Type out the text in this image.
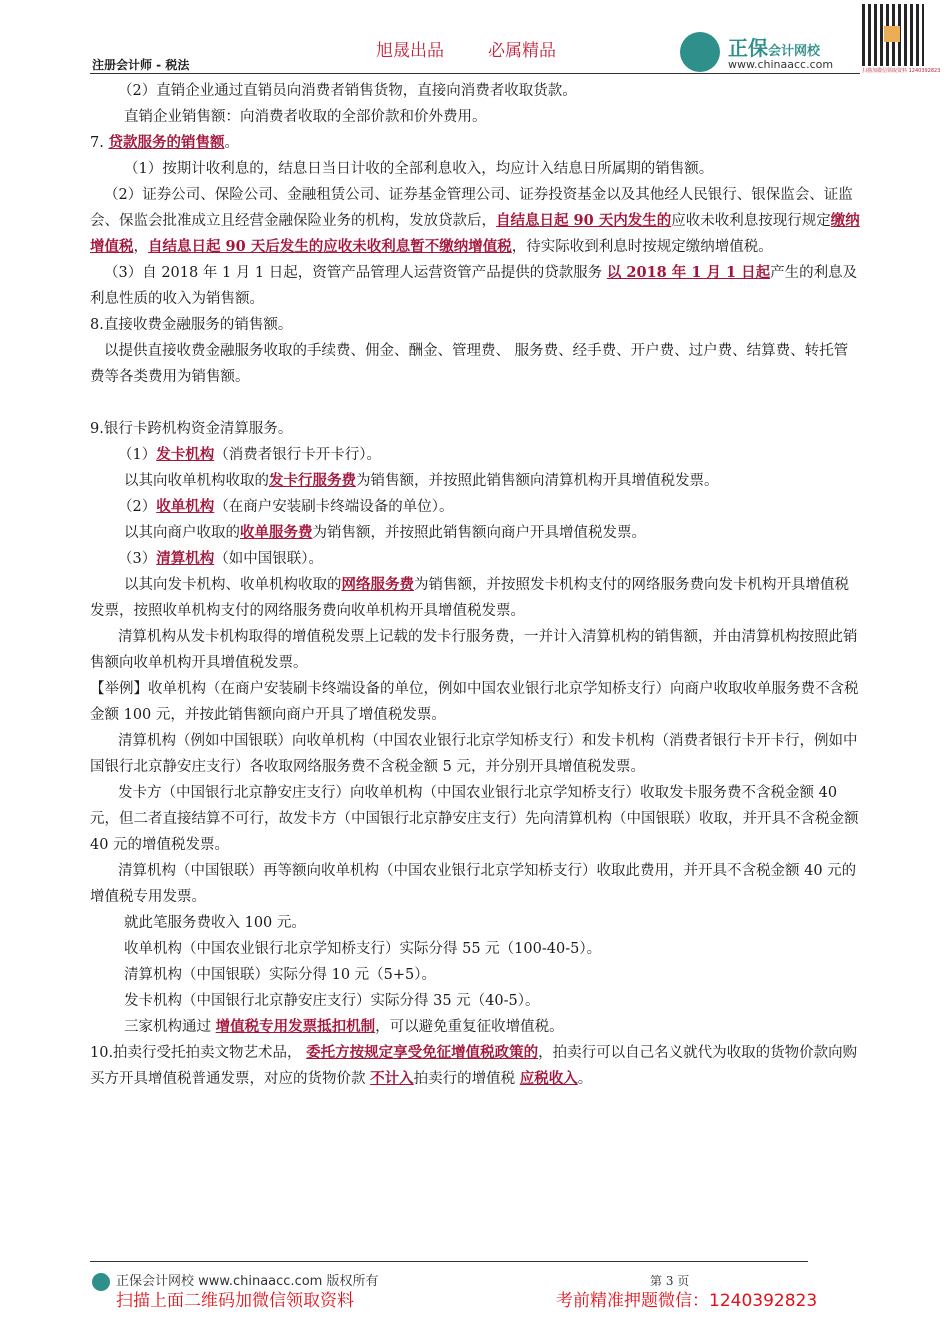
旭晟出品	必属精品
注册会计师 - 税法
正保会计网校
www.chinaacc.com	扫描加微信领取资料 1240392823

（2）直销企业通过直销员向消费者销售货物，直接向消费者收取货款。

直销企业销售额：向消费者收取的全部价款和价外费用。

7. 贷款服务的销售额。

（1）按期计收利息的，结息日当日计收的全部利息收入，均应计入结息日所属期的销售额。

（2）证券公司、保险公司、金融租赁公司、证券基金管理公司、证券投资基金以及其他经人民银行、银保监会、证监会、保监会批准成立且经营金融保险业务的机构，发放贷款后，自结息日起 90 天内发生的应收未收利息按现行规定缴纳增值税，自结息日起 90 天后发生的应收未收利息暂不缴纳增值税，待实际收到利息时按规定缴纳增值税。

（3）自 2018 年 1 月 1 日起，资管产品管理人运营资管产品提供的贷款服务 以 2018 年 1 月 1 日起产生的利息及利息性质的收入为销售额。

8.直接收费金融服务的销售额。

以提供直接收费金融服务收取的手续费、佣金、酬金、管理费、 服务费、经手费、开户费、过户费、结算费、转托管费等各类费用为销售额。

9.银行卡跨机构资金清算服务。

（1）发卡机构（消费者银行卡开卡行）。

以其向收单机构收取的发卡行服务费为销售额，并按照此销售额向清算机构开具增值税发票。

（2）收单机构（在商户安装刷卡终端设备的单位）。

以其向商户收取的收单服务费为销售额，并按照此销售额向商户开具增值税发票。

（3）清算机构（如中国银联）。

以其向发卡机构、收单机构收取的网络服务费为销售额，并按照发卡机构支付的网络服务费向发卡机构开具增值税发票，按照收单机构支付的网络服务费向收单机构开具增值税发票。

清算机构从发卡机构取得的增值税发票上记载的发卡行服务费，一并计入清算机构的销售额，并由清算机构按照此销售额向收单机构开具增值税发票。

【举例】收单机构（在商户安装刷卡终端设备的单位，例如中国农业银行北京学知桥支行）向商户收取收单服务费不含税金额 100 元，并按此销售额向商户开具了增值税发票。

清算机构（例如中国银联）向收单机构（中国农业银行北京学知桥支行）和发卡机构（消费者银行卡开卡行，例如中国银行北京静安庄支行）各收取网络服务费不含税金额 5 元，并分别开具增值税发票。

发卡方（中国银行北京静安庄支行）向收单机构（中国农业银行北京学知桥支行）收取发卡服务费不含税金额 40 元，但二者直接结算不可行，故发卡方（中国银行北京静安庄支行）先向清算机构（中国银联）收取，并开具不含税金额 40 元的增值税发票。

清算机构（中国银联）再等额向收单机构（中国农业银行北京学知桥支行）收取此费用，并开具不含税金额 40 元的增值税专用发票。

就此笔服务费收入 100 元。

收单机构（中国农业银行北京学知桥支行）实际分得 55 元（100-40-5）。

清算机构（中国银联）实际分得 10 元（5+5）。

发卡机构（中国银行北京静安庄支行）实际分得 35 元（40-5）。

三家机构通过 增值税专用发票抵扣机制，可以避免重复征收增值税。

10.拍卖行受托拍卖文物艺术品， 委托方按规定享受免征增值税政策的，拍卖行可以自己名义就代为收取的货物价款向购买方开具增值税普通发票，对应的货物价款 不计入拍卖行的增值税 应税收入。

正保会计网校 www.chinaacc.com 版权所有	第 3 页
扫描上面二维码加微信领取资料	考前精准押题微信：1240392823
